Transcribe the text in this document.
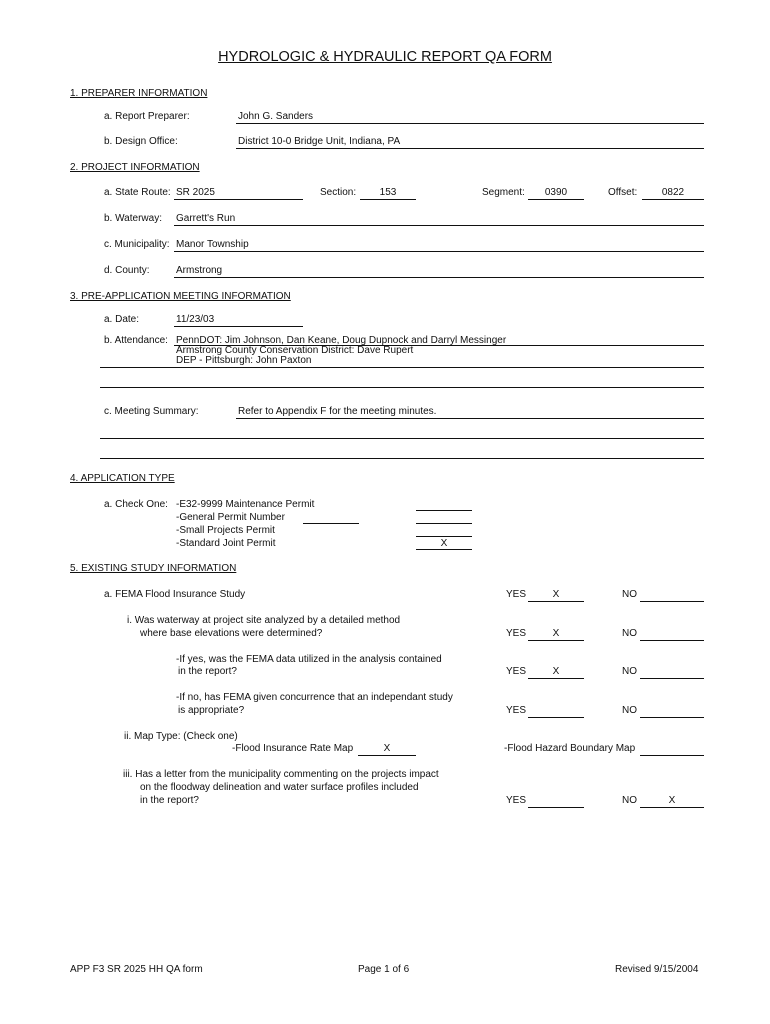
HYDROLOGIC & HYDRAULIC REPORT QA FORM
1. PREPARER INFORMATION
a. Report Preparer:	John G. Sanders
b. Design Office:	District 10-0 Bridge Unit, Indiana, PA
2. PROJECT INFORMATION
a. State Route: SR 2025	Section:	153	Segment:	0390	Offset:	0822
b. Waterway: Garrett's Run
c. Municipality: Manor Township
d. County:	Armstrong
3. PRE-APPLICATION MEETING INFORMATION
a. Date:	11/23/03
b. Attendance: PennDOT: Jim Johnson, Dan Keane, Doug Dupnock and Darryl Messinger
Armstrong County Conservation District: Dave Rupert
DEP - Pittsburgh: John Paxton
c. Meeting Summary:	Refer to Appendix F for the meeting minutes.
4. APPLICATION TYPE
a. Check One: -E32-9999 Maintenance Permit
-General Permit Number
-Small Projects Permit
-Standard Joint Permit	X
5. EXISTING STUDY INFORMATION
a. FEMA Flood Insurance Study	YES	X	NO
i. Was waterway at project site analyzed by a detailed method
where base elevations were determined?	YES	X	NO
-If yes, was the FEMA data utilized in the analysis contained
in the report?	YES	X	NO
-If no, has FEMA given concurrence that an independant study
is appropriate?	YES	NO
ii. Map Type: (Check one)
-Flood Insurance Rate Map	X	-Flood Hazard Boundary Map
iii. Has a letter from the municipality commenting on the projects impact
on the floodway delineation and water surface profiles included
in the report?	YES	NO	X
APP F3 SR 2025 HH QA form	Page 1 of 6	Revised 9/15/2004
